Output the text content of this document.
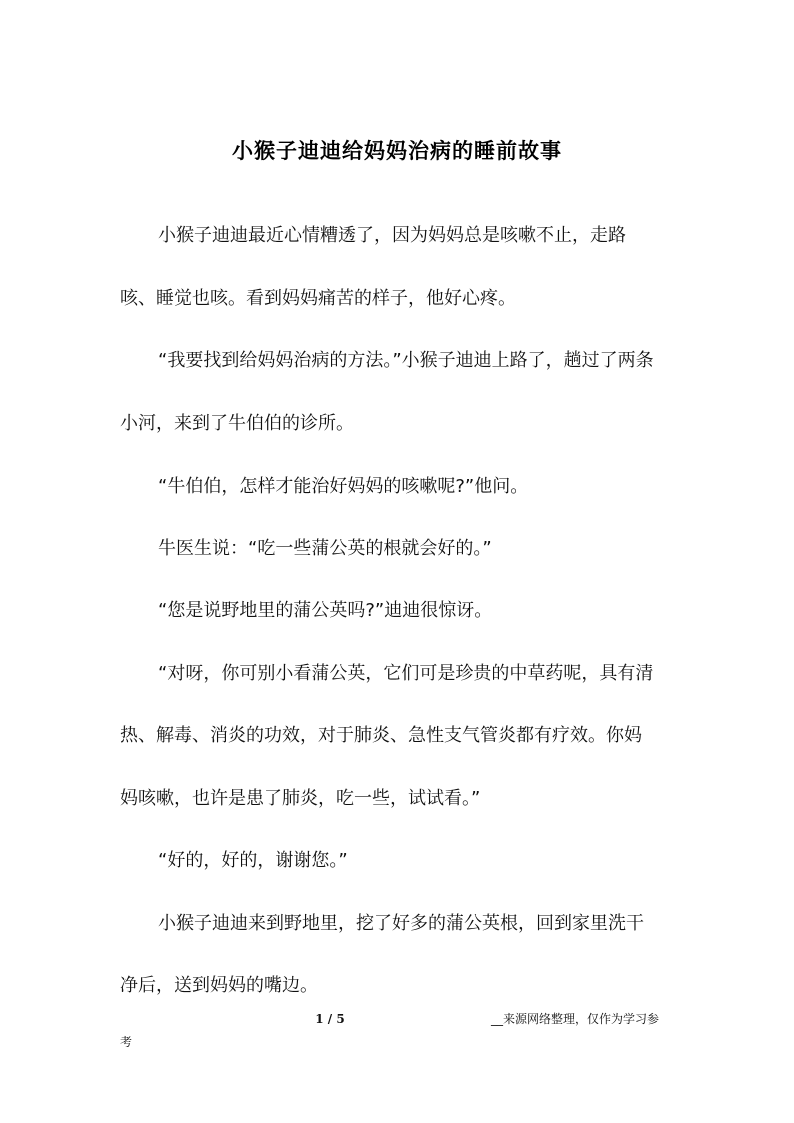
小猴子迪迪给妈妈治病的睡前故事

小猴子迪迪最近心情糟透了，因为妈妈总是咳嗽不止，走路

咳、睡觉也咳。看到妈妈痛苦的样子，他好心疼。

“我要找到给妈妈治病的方法。”小猴子迪迪上路了，趟过了两条

小河，来到了牛伯伯的诊所。

“牛伯伯，怎样才能治好妈妈的咳嗽呢?”他问。

牛医生说：“吃一些蒲公英的根就会好的。”

“您是说野地里的蒲公英吗?”迪迪很惊讶。

“对呀，你可别小看蒲公英，它们可是珍贵的中草药呢，具有清

热、解毒、消炎的功效，对于肺炎、急性支气管炎都有疗效。你妈

妈咳嗽，也许是患了肺炎，吃一些，试试看。”

“好的，好的，谢谢您。”

小猴子迪迪来到野地里，挖了好多的蒲公英根，回到家里洗干

净后，送到妈妈的嘴边。

1 / 5	__来源网络整理，仅作为学习参
考
